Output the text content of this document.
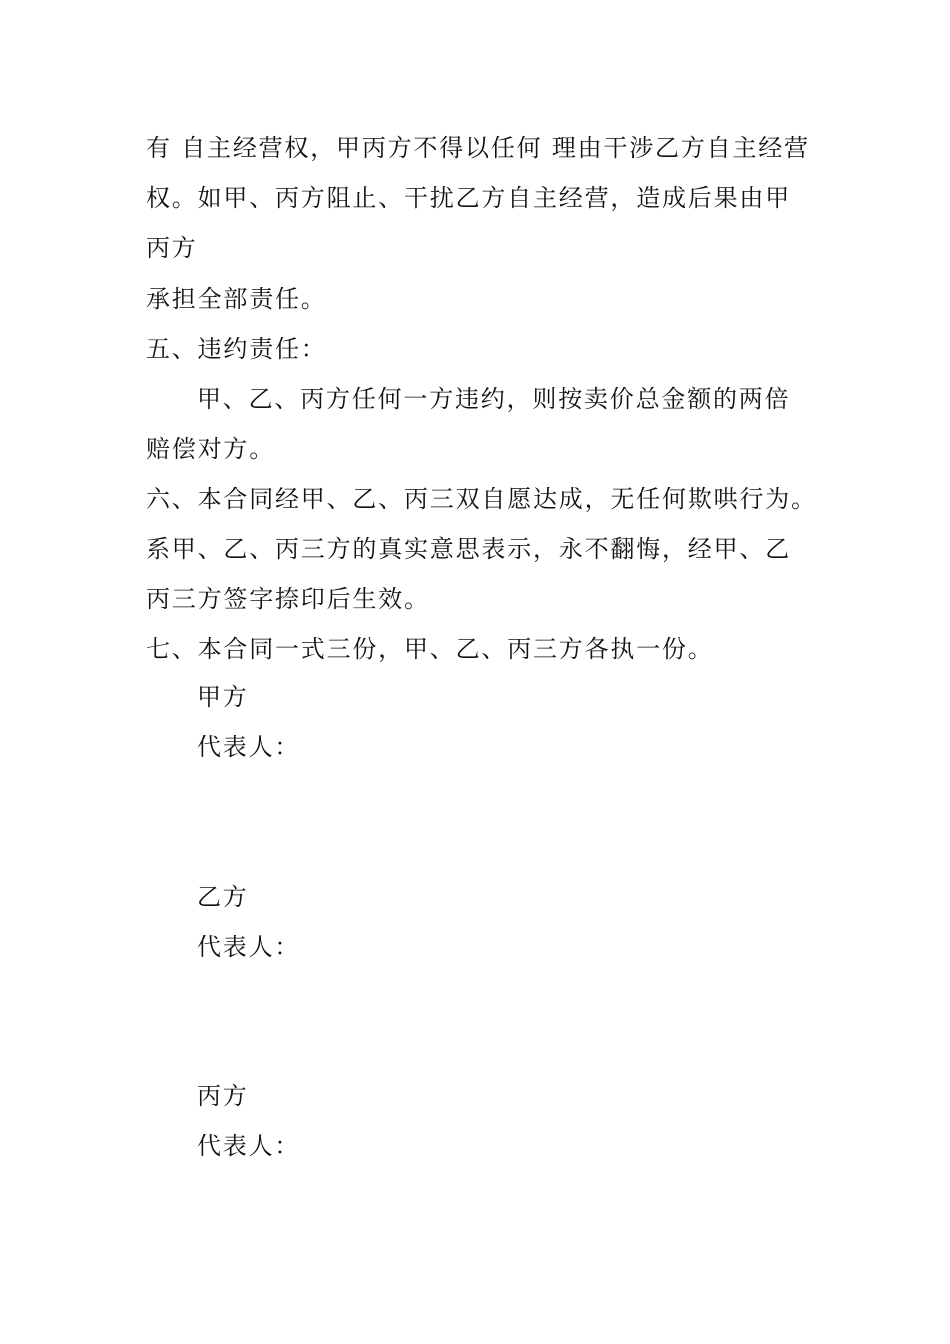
有 自主经营权，甲丙方不得以任何 理由干涉乙方自主经营
权。如甲、丙方阻止、干扰乙方自主经营，造成后果由甲
丙方
承担全部责任。
五、违约责任：
甲、乙、丙方任何一方违约，则按卖价总金额的两倍
赔偿对方。
六、本合同经甲、乙、丙三双自愿达成，无任何欺哄行为。
系甲、乙、丙三方的真实意思表示，永不翻悔，经甲、乙
丙三方签字捺印后生效。
七、本合同一式三份，甲、乙、丙三方各执一份。
甲方
代表人：
乙方
代表人：
丙方
代表人：
